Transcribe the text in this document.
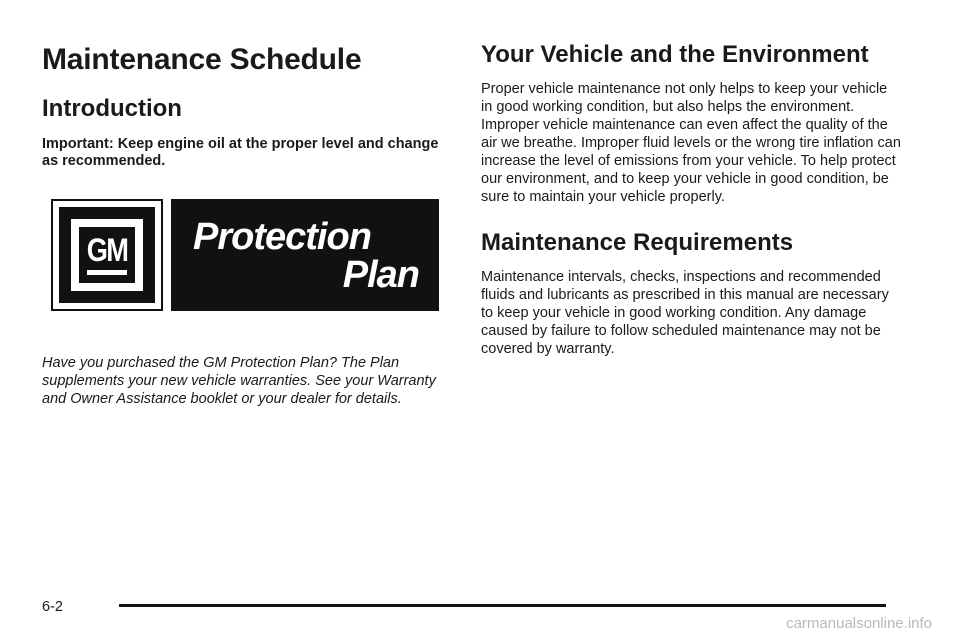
Maintenance Schedule
Introduction

Important: Keep engine oil at the proper level and change as recommended.

GM Protection
Plan

Have you purchased the GM Protection Plan? The Plan supplements your new vehicle warranties. See your Warranty and Owner Assistance booklet or your dealer for details.

Your Vehicle and the Environment

Proper vehicle maintenance not only helps to keep your vehicle in good working condition, but also helps the environment. Improper vehicle maintenance can even affect the quality of the air we breathe. Improper fluid levels or the wrong tire inflation can increase the level of emissions from your vehicle. To help protect our environment, and to keep your vehicle in good condition, be sure to maintain your vehicle properly.

Maintenance Requirements

Maintenance intervals, checks, inspections and recommended fluids and lubricants as prescribed in this manual are necessary to keep your vehicle in good working condition. Any damage caused by failure to follow scheduled maintenance may not be covered by warranty.

6-2
carmanualsonline.info
